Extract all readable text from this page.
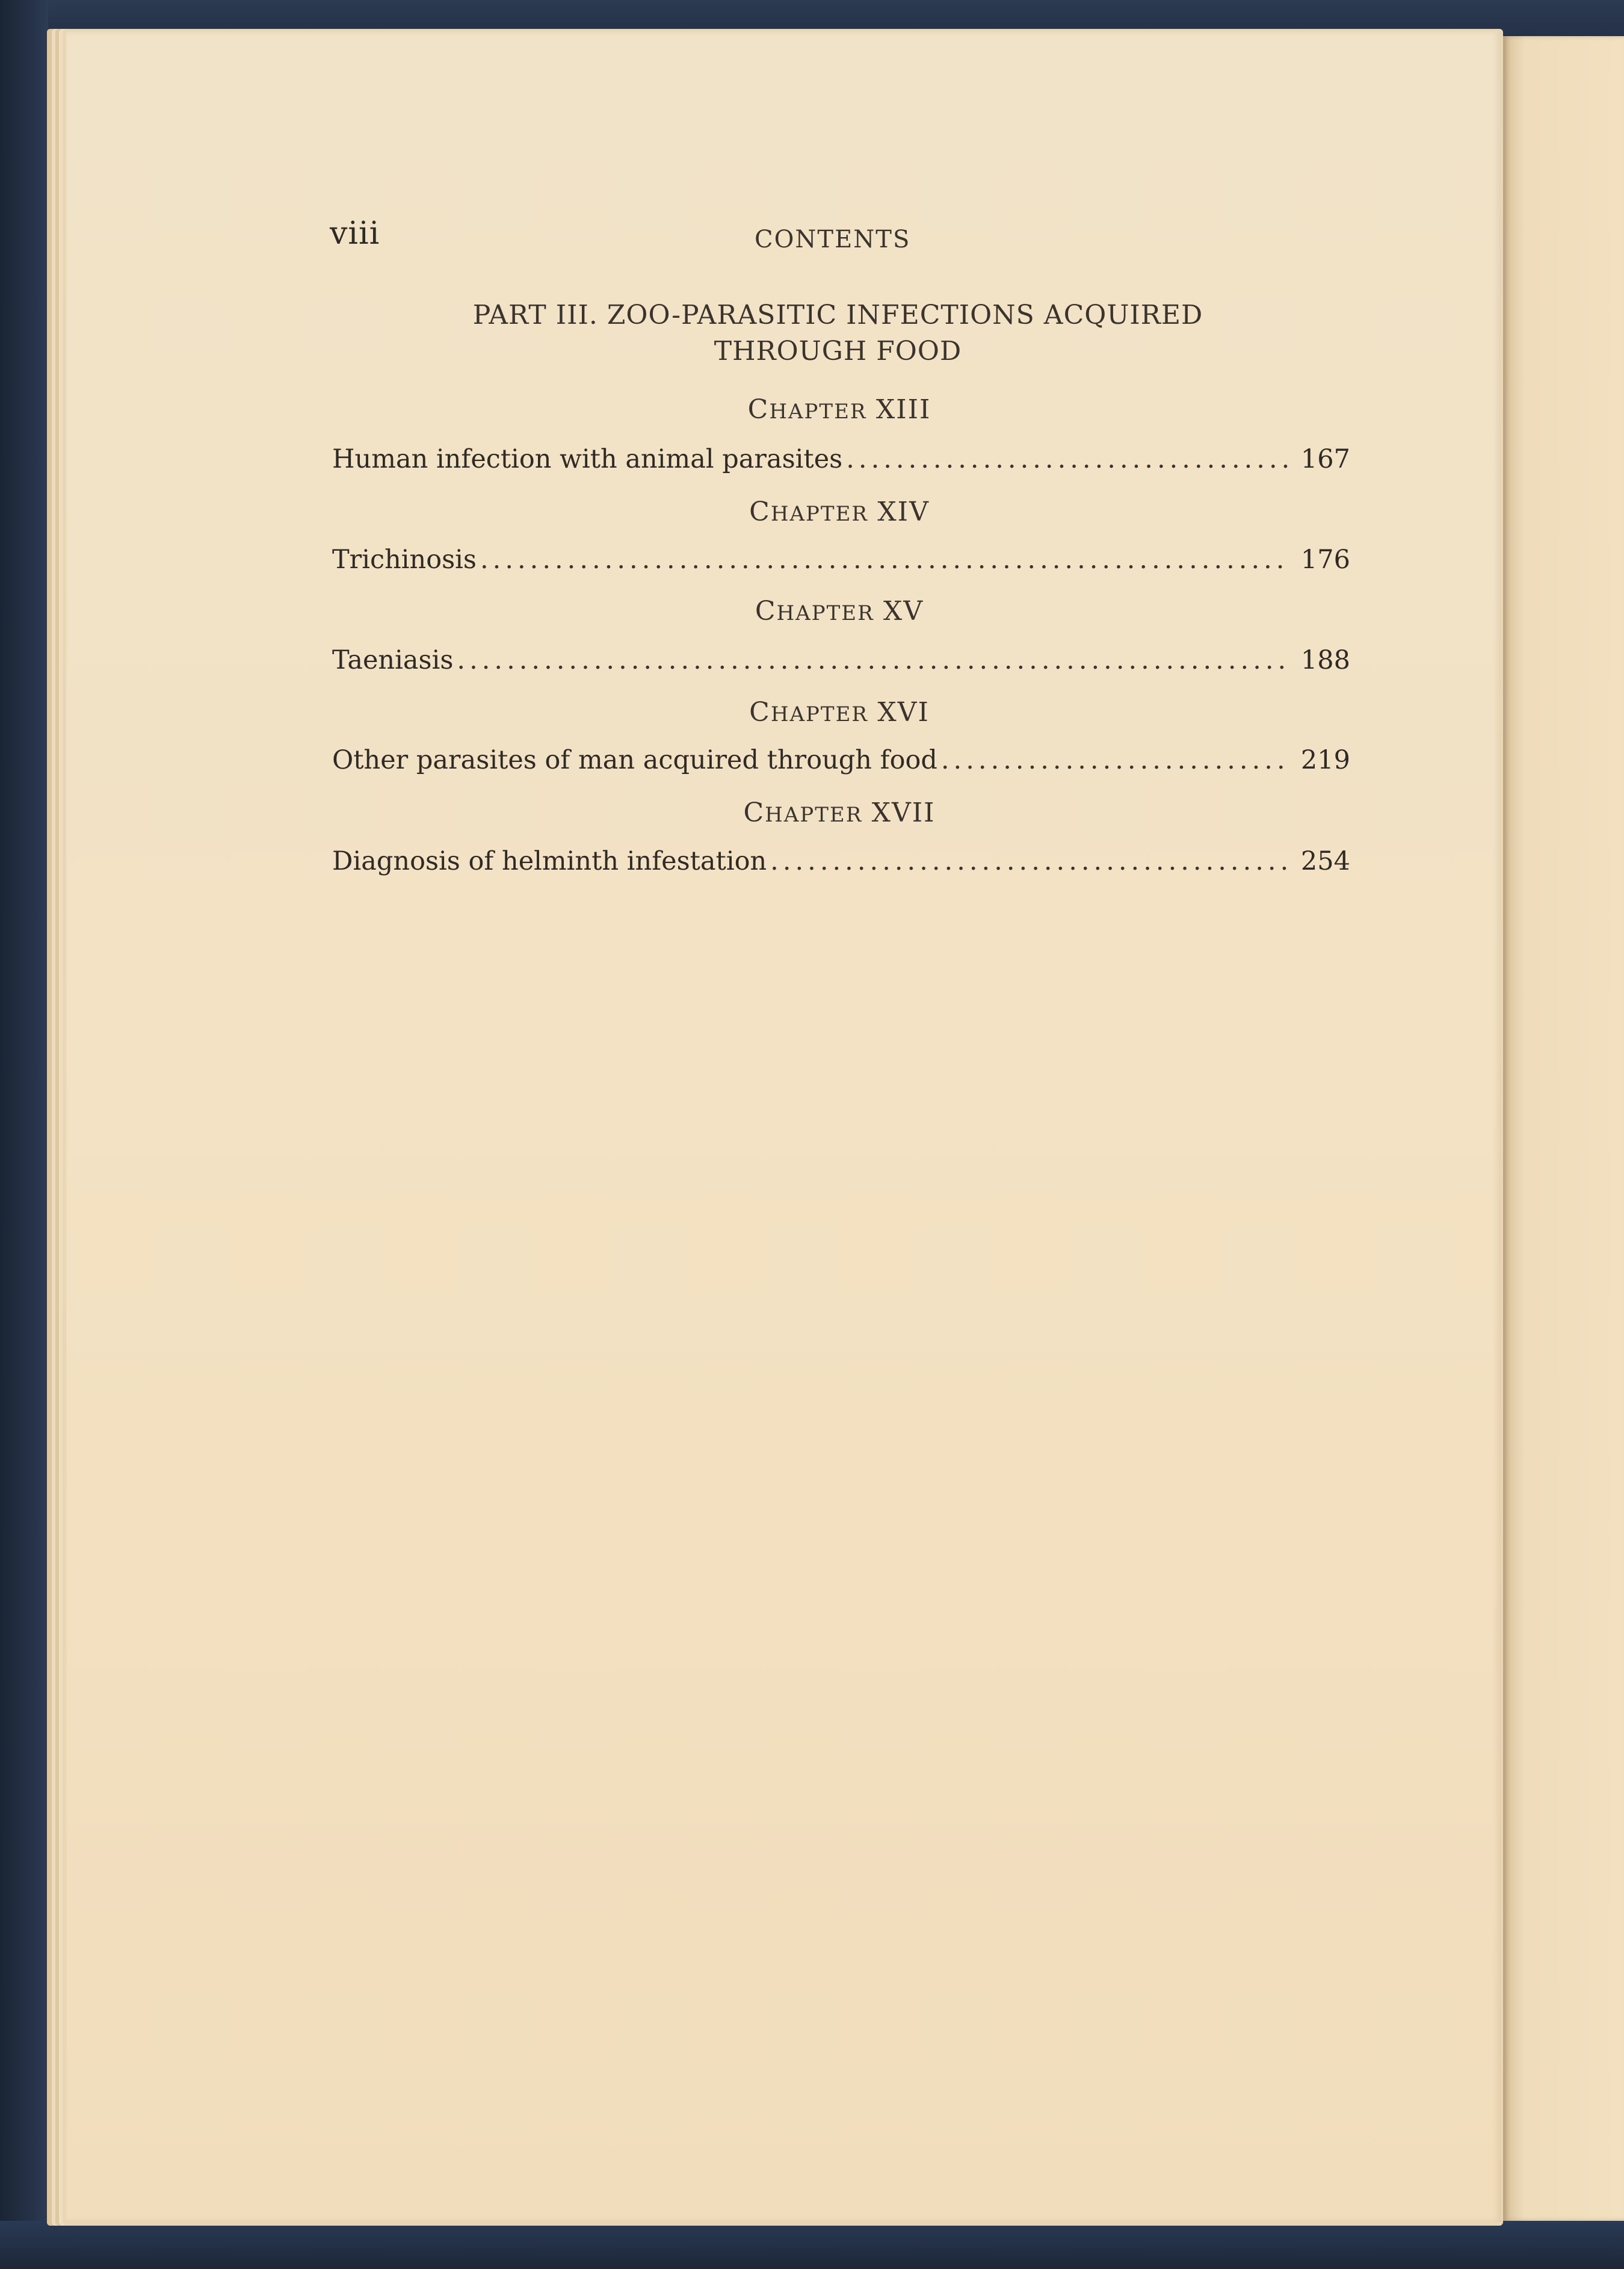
viii	CONTENTS
PART III. ZOO-PARASITIC INFECTIONS ACQUIRED
THROUGH FOOD
CHAPTER XIII
Human infection with animal parasites .....	167
CHAPTER XIV
Trichinosis .....	176
CHAPTER XV
Taeniasis .....	188
CHAPTER XVI
Other parasites of man acquired through food .....	219
CHAPTER XVII
Diagnosis of helminth infestation .....	254
